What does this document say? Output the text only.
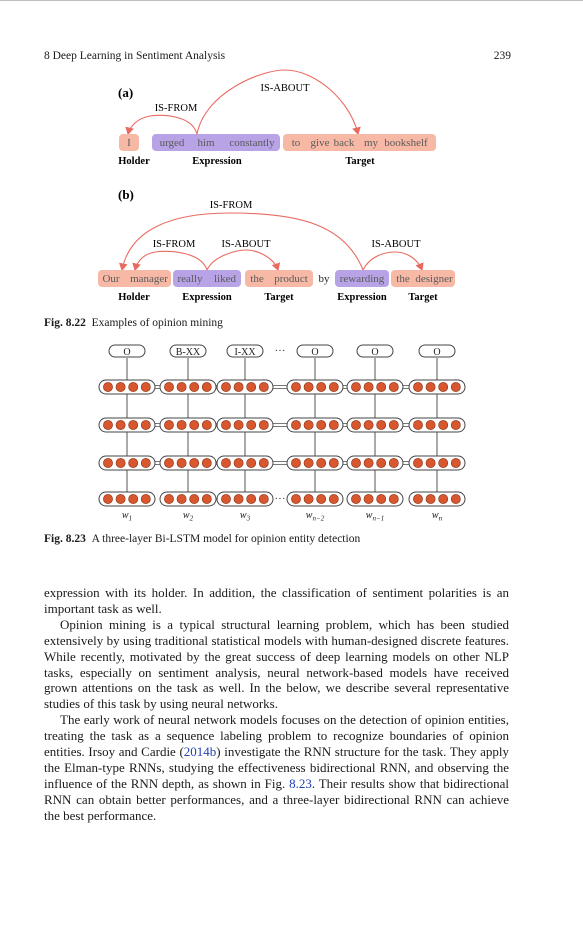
8 Deep Learning in Sentiment Analysis	239
(a)	IS-ABOUT
IS-FROM
I	urged him constantly to give back my bookshelf
Holder	Expression	Target
(b)
IS-FROM
IS-FROM IS-ABOUT	IS-ABOUT
Our manager really liked the product by rewarding the designer
Holder	Expression	Target	Expression Target
Fig. 8.22 Examples of opinion mining
O	B-XX	I-XX	O	O	O
···
···
$w_1$	$w_2$	$w_3$	$w_{n-2}$	$w_{n-1}$	$w_n$
Fig. 8.23 A three-layer Bi-LSTM model for opinion entity detection

expression with its holder. In addition, the classification of sentiment polarities is an important task as well.

Opinion mining is a typical structural learning problem, which has been studied extensively by using traditional statistical models with human-designed discrete features. While recently, motivated by the great success of deep learning models on other NLP tasks, especially on sentiment analysis, neural network-based models have received grown attentions on the task as well. In the below, we describe several representative studies of this task by using neural networks.

The early work of neural network models focuses on the detection of opinion entities, treating the task as a sequence labeling problem to recognize boundaries of opinion entities. Irsoy and Cardie (2014b) investigate the RNN structure for the task. They apply the Elman-type RNNs, studying the effectiveness bidirectional RNN, and observing the influence of the RNN depth, as shown in Fig. 8.23. Their results show that bidirectional RNN can obtain better performances, and a three-layer bidirectional RNN can achieve the best performance.
